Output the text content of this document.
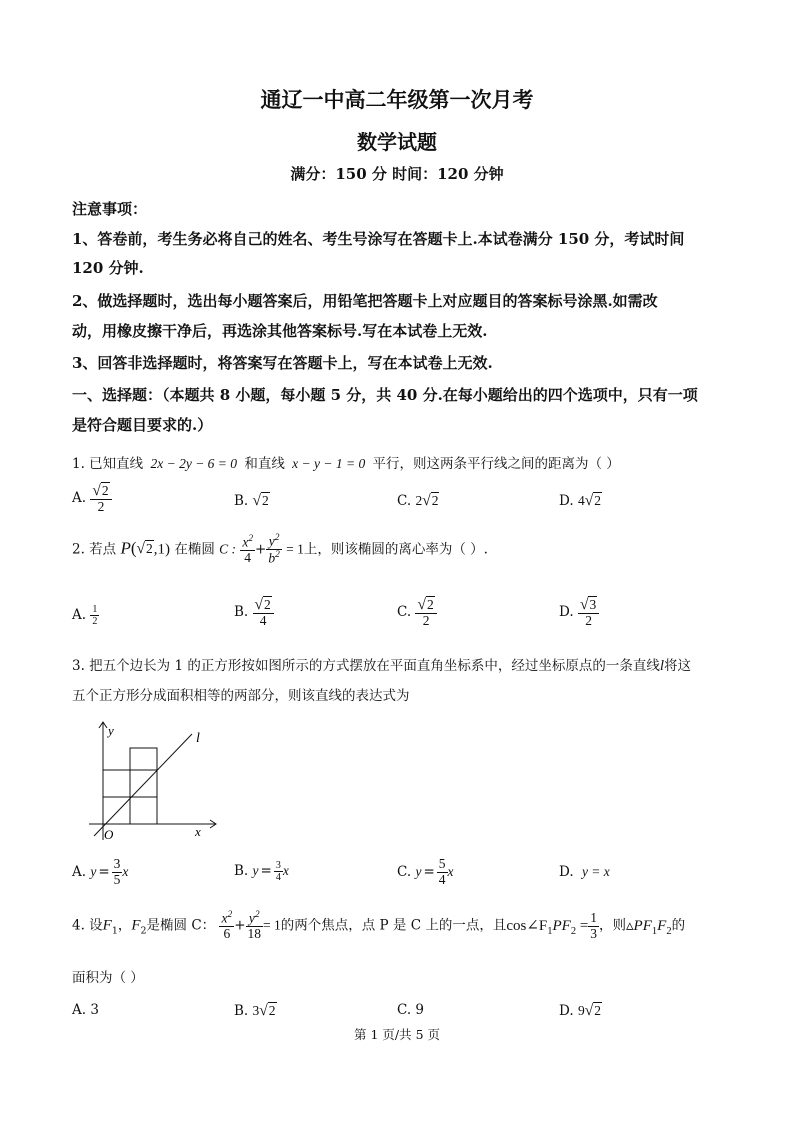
通辽一中高二年级第一次月考
数学试题
满分：150 分 时间：120 分钟
注意事项：
1、答卷前，考生务必将自己的姓名、考生号涂写在答题卡上.本试卷满分 150 分，考试时间
120 分钟.
2、做选择题时，选出每小题答案后，用铅笔把答题卡上对应题目的答案标号涂黑.如需改
动，用橡皮擦干净后，再选涂其他答案标号.写在本试卷上无效.
3、回答非选择题时，将答案写在答题卡上，写在本试卷上无效.
一、选择题：（本题共 8 小题，每小题 5 分，共 40 分.在每小题给出的四个选项中，只有一项
是符合题目要求的.）
1. 已知直线 2x − 2y − 6 = 0 和直线 x − y − 1 = 0 平行，则这两条平行线之间的距离为（ ）
A. $\frac{√2}{2}$	B. √2	C. 2√2	D. 4√2
2. 若点 P(√2,1) 在椭圆 C : $\frac{x^2}{4} + \frac{y^2}{b^2} = 1$上，则该椭圆的离心率为（ ）.
A. $\frac{1}{2}$	B. $\frac{√2}{4}$	C. $\frac{√2}{2}$	D. $\frac{√3}{2}$
3. 把五个边长为 1 的正方形按如图所示的方式摆放在平面直角坐标系中，经过坐标原点的一条直线l将这
五个正方形分成面积相等的两部分，则该直线的表达式为
y
l
O	x
A. $y = \frac{3}{5}$ x	B. $y = \frac{3}{4}$ x	C. $y = \frac{5}{4}$ x	D. y = x
4. 设$F_1$，$F_2$是椭圆 C： $\frac{x^2}{6} + \frac{y^2}{18} = 1$的两个焦点，点 P 是 C 上的一点，且$\cos\angle F_1PF_2 = \frac{1}{3}$ ，则$▵PF_1F_2$的
面积为（ ）
A. 3	B. 3√2	C. 9	D. 9√2
第 1 页/共 5 页
